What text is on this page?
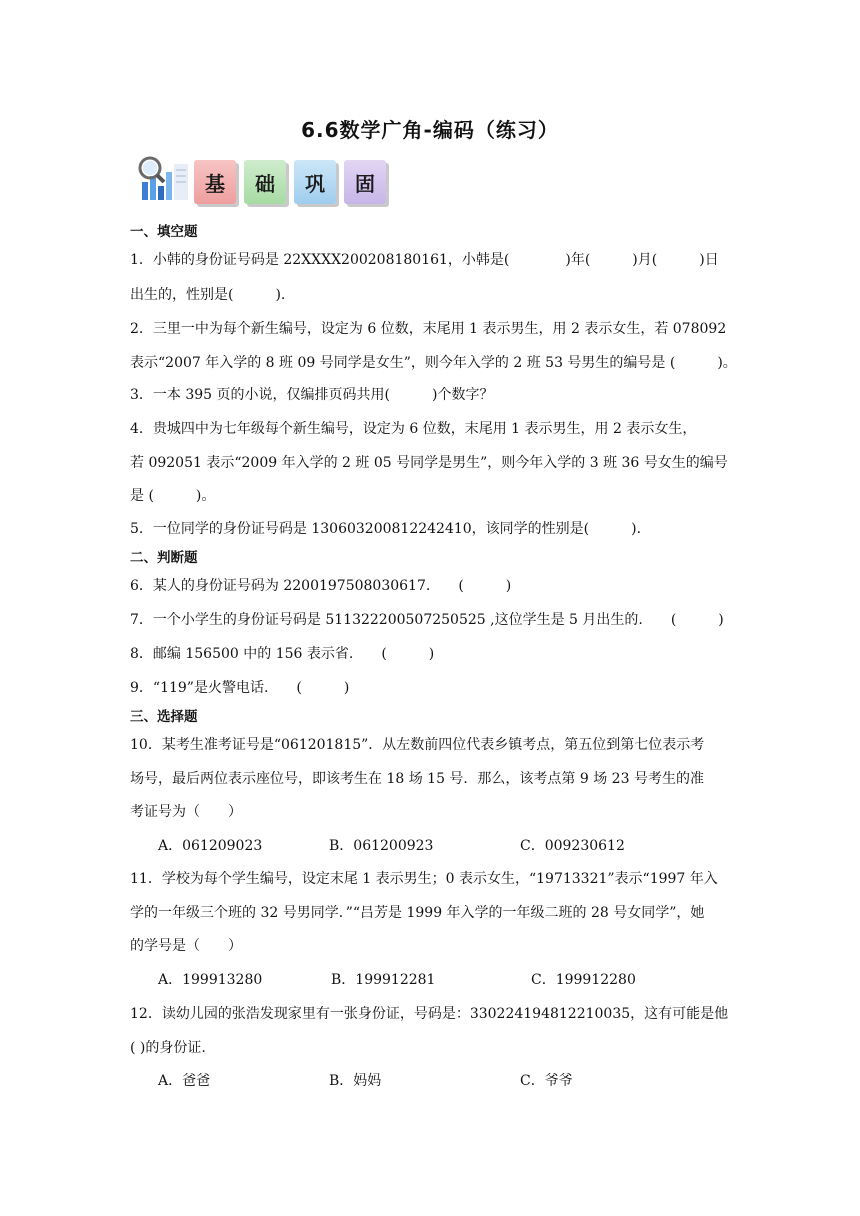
6.6数学广角-编码（练习）
基	础	巩	固
一、填空题
1．小韩的身份证号码是 22XXXX200208180161，小韩是(　　　　)年(　　　)月(　　　)日
出生的，性别是(　　　).
2．三里一中为每个新生编号，设定为 6 位数，末尾用 1 表示男生，用 2 表示女生，若 078092
表示“2007 年入学的 8 班 09 号同学是女生”，则今年入学的 2 班 53 号男生的编号是 (　　　)。
3．一本 395 页的小说，仅编排页码共用(　　　)个数字？
4．贵城四中为七年级每个新生编号，设定为 6 位数，末尾用 1 表示男生，用 2 表示女生，
若 092051 表示“2009 年入学的 2 班 05 号同学是男生”，则今年入学的 3 班 36 号女生的编号
是 (　　　)。
5．一位同学的身份证号码是 130603200812242410，该同学的性别是(　　　).
二、判断题
6．某人的身份证号码为 2200197508030617.　　(　　　)
7．一个小学生的身份证号码是 511322200507250525 ,这位学生是 5 月出生的.　　(　　　)
8．邮编 156500 中的 156 表示省.　　(　　　)
9．“119”是火警电话.　　(　　　)
三、选择题
10．某考生准考证号是“061201815”．从左数前四位代表乡镇考点，第五位到第七位表示考
场号，最后两位表示座位号，即该考生在 18 场 15 号．那么，该考点第 9 场 23 号考生的准
考证号为（　　）
A．061209023	B．061200923	C．009230612
11．学校为每个学生编号，设定末尾 1 表示男生；0 表示女生，“19713321”表示“1997 年入
学的一年级三个班的 32 号男同学．”“吕芳是 1999 年入学的一年级二班的 28 号女同学”，她
的学号是（　　）
A．199913280	B．199912281	C．199912280
12．读幼儿园的张浩发现家里有一张身份证，号码是：330224194812210035，这有可能是他
( )的身份证.
A．爸爸	B．妈妈	C．爷爷
